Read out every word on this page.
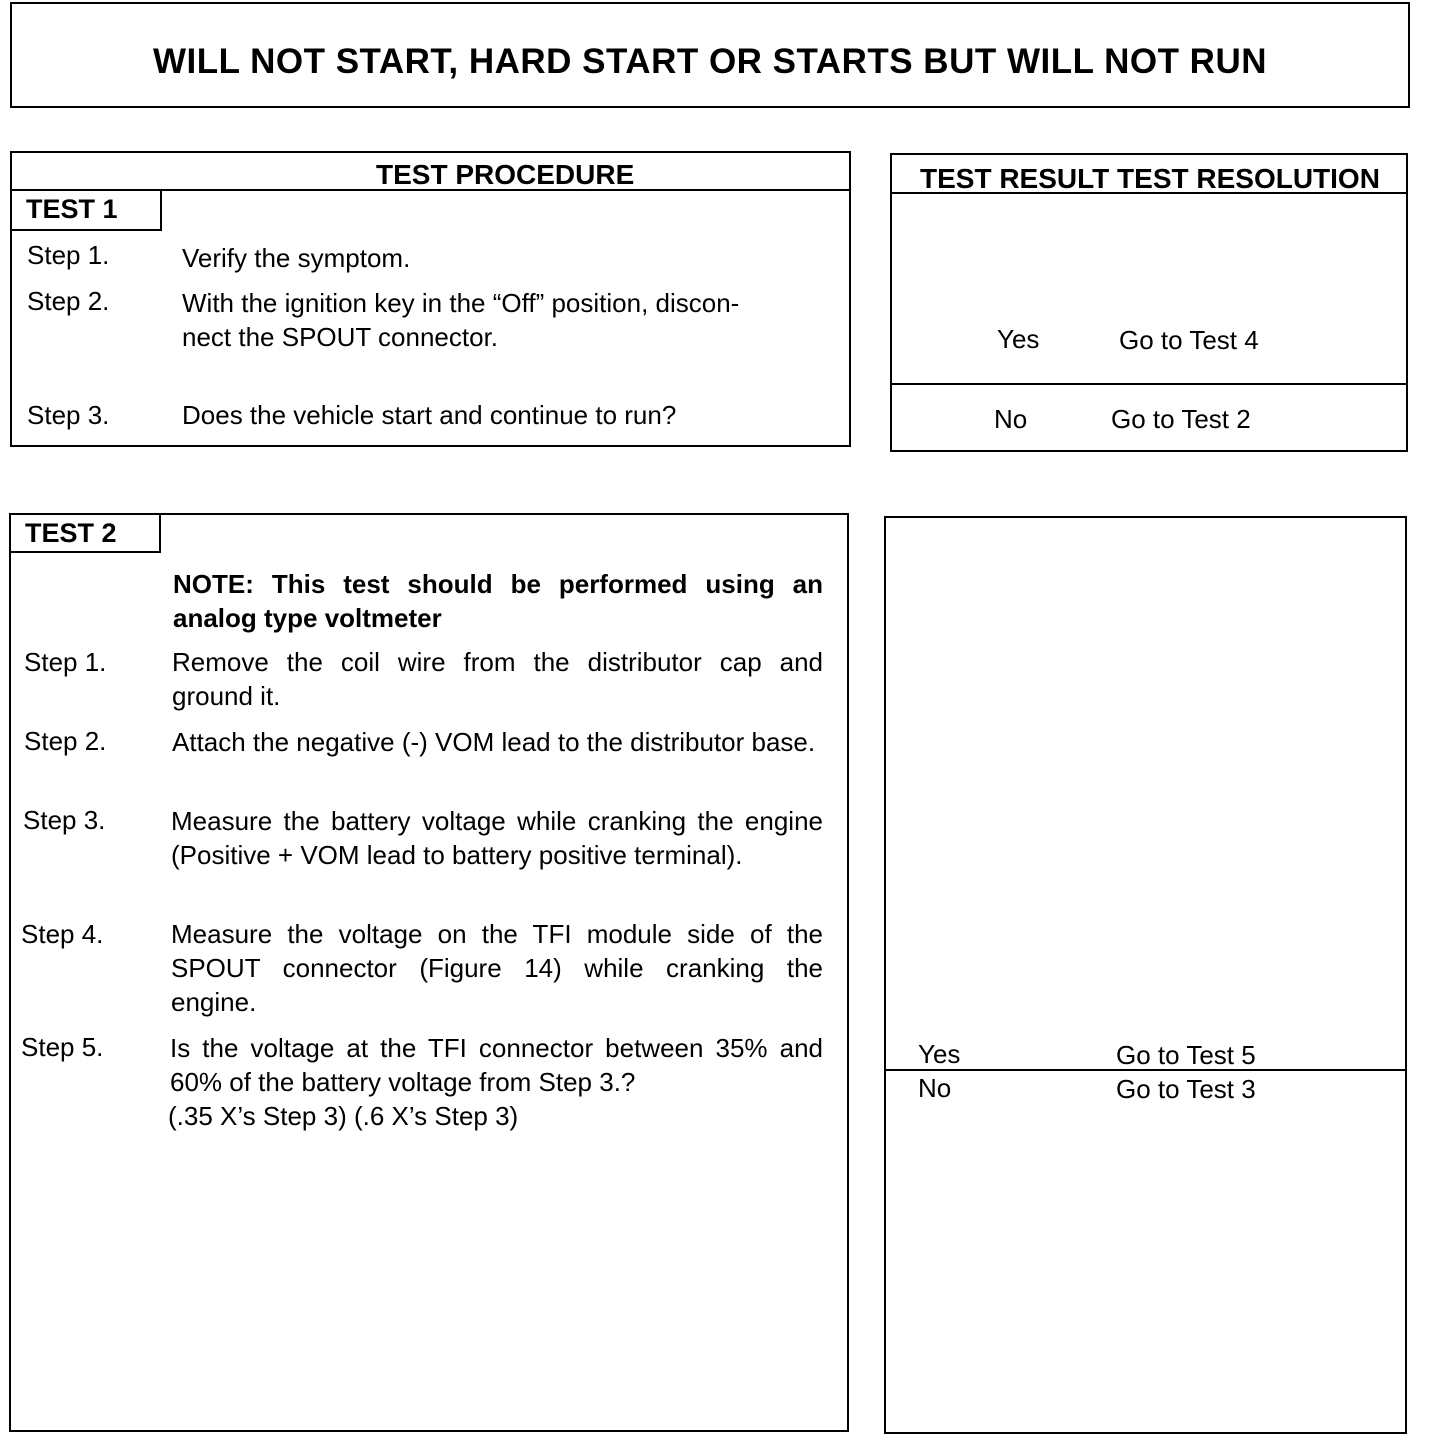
WILL NOT START, HARD START OR STARTS BUT WILL NOT RUN
TEST PROCEDURE
TEST 1
Step 1.	Verify the symptom.
Step 2.	With the ignition key in the “Off” position, discon-
nect the SPOUT connector.
Step 3.	Does the vehicle start and continue to run?
TEST RESULT TEST RESOLUTION
Yes	Go to Test 4
No	Go to Test 2
TEST 2
NOTE: This test should be performed using an analog type voltmeter
Step 1.	Remove the coil wire from the distributor cap and ground it.
Step 2.	Attach the negative (-) VOM lead to the distributor base.
Step 3.	Measure the battery voltage while cranking the engine (Positive + VOM lead to battery positive terminal).
Step 4.	Measure the voltage on the TFI module side of the SPOUT connector (Figure 14) while cranking the engine.
Step 5.	Is the voltage at the TFI connector between 35% and 60% of the battery voltage from Step 3.?
(.35 X’s Step 3) (.6 X’s Step 3)
Yes	Go to Test 5
No	Go to Test 3
